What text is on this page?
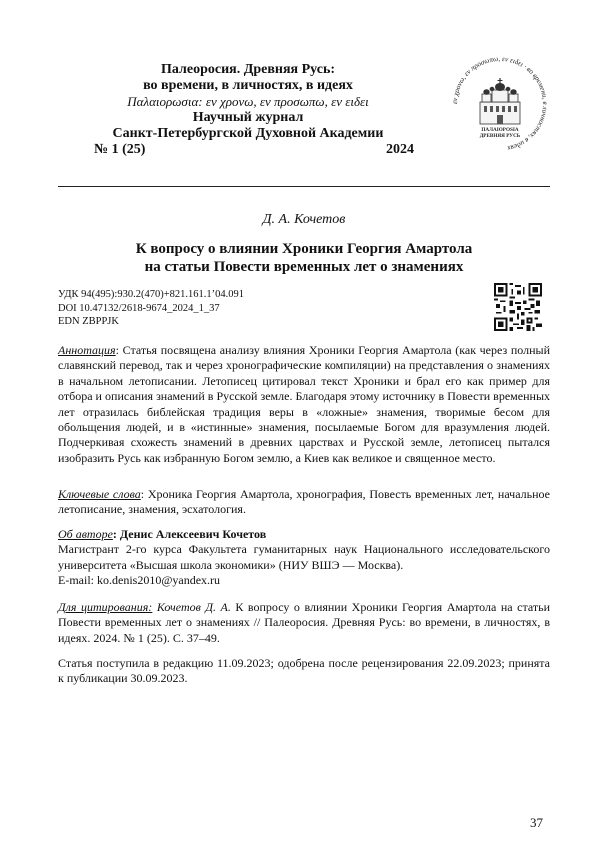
Палеоросия. Древняя Русь:
во времени, в личностях, в идеях
Παλαιορωσια: εν χρονω, εν προσωπω, εν ειδει
Научный журнал
Санкт-Петербургской Духовной Академии
№ 1 (25)	2024
εν χρονω, εν προσωπω, εν ειδει · во времени, в личностях, в идеях
ПАЛАІОРОЅІА
ДРЕВНЯЯ РУСЬ
Д. А. Кочетов
К вопросу о влиянии Хроники Георгия Амартола
на статьи Повести временных лет о знамениях
УДК 94(495):930.2(470)+821.161.1’04.091
DOI 10.47132/2618-9674_2024_1_37
EDN ZBPPJK
Аннотация: Статья посвящена анализу влияния Хроники Георгия Амартола (как через полный славянский перевод, так и через хронографические компиляции) на представления о знамениях в начальном летописании. Летописец цитировал текст Хроники и брал его как пример для отбора и описания знамений в Русской земле. Благодаря этому источнику в Повести временных лет отразилась библейская традиция веры в «ложные» знамения, творимые бесом для обольщения людей, и в «истинные» знамения, посылаемые Богом для вразумления людей. Подчеркивая схожесть знамений в древних царствах и Русской земле, летописец пытался изобразить Русь как избранную Богом землю, а Киев как великое и священное место.
Ключевые слова: Хроника Георгия Амартола, хронография, Повесть временных лет, начальное летописание, знамения, эсхатология.
Об авторе: Денис Алексеевич Кочетов
Магистрант 2-го курса Факультета гуманитарных наук Национального исследовательского университета «Высшая школа экономики» (НИУ ВШЭ — Москва).
E-mail: ko.denis2010@yandex.ru
Для цитирования: Кочетов Д. А. К вопросу о влиянии Хроники Георгия Амартола на статьи Повести временных лет о знамениях // Палеоросия. Древняя Русь: во времени, в личностях, в идеях. 2024. № 1 (25). С. 37–49.
Статья поступила в редакцию 11.09.2023; одобрена после рецензирования 22.09.2023; принята к публикации 30.09.2023.
37
